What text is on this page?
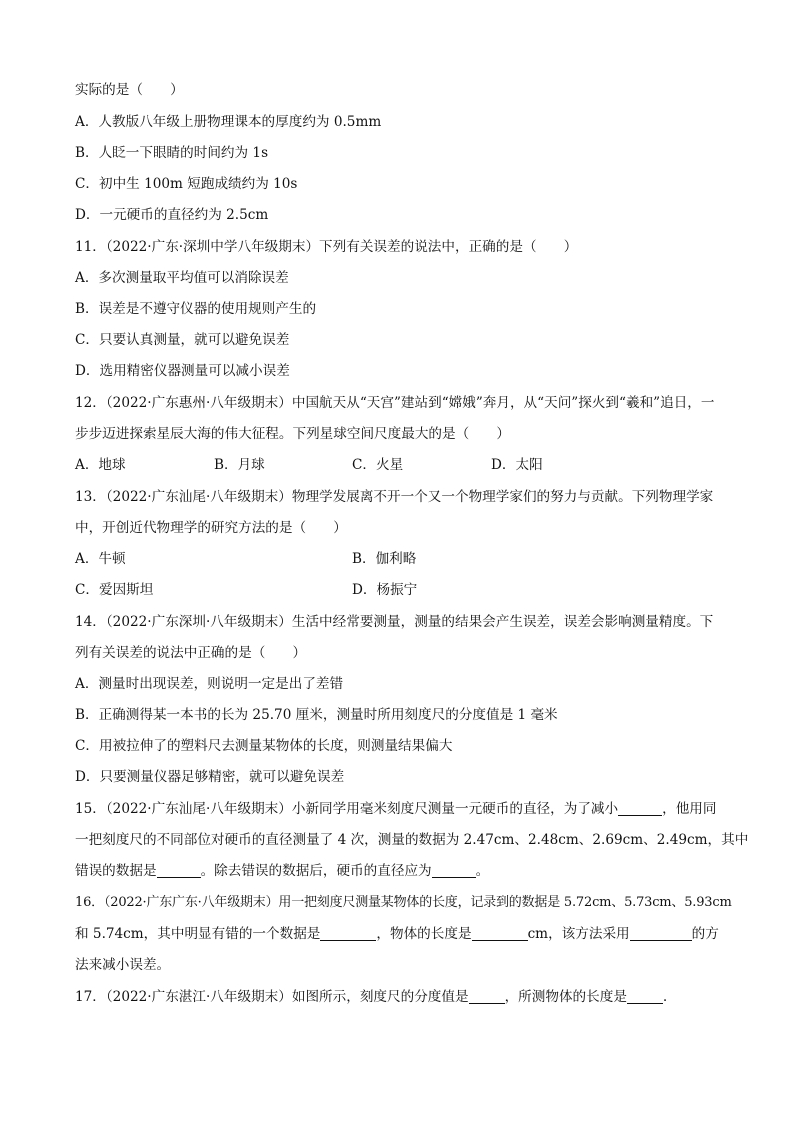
实际的是（　　）
A．人教版八年级上册物理课本的厚度约为 0.5mm
B．人眨一下眼睛的时间约为 1s
C．初中生 100m 短跑成绩约为 10s
D．一元硬币的直径约为 2.5cm
11．（2022·广东·深圳中学八年级期末）下列有关误差的说法中，正确的是（　　）
A．多次测量取平均值可以消除误差
B．误差是不遵守仪器的使用规则产生的
C．只要认真测量，就可以避免误差
D．选用精密仪器测量可以减小误差
12．（2022·广东惠州·八年级期末）中国航天从“天宫”建站到“嫦娥”奔月，从“天问”探火到“羲和”追日，一
步步迈进探索星辰大海的伟大征程。下列星球空间尺度最大的是（　　）
A．地球	B．月球	C．火星	D．太阳
13．（2022·广东汕尾·八年级期末）物理学发展离不开一个又一个物理学家们的努力与贡献。下列物理学家
中，开创近代物理学的研究方法的是（　　）
A．牛顿	B．伽利略
C．爱因斯坦	D．杨振宁
14．（2022·广东深圳·八年级期末）生活中经常要测量，测量的结果会产生误差，误差会影响测量精度。下
列有关误差的说法中正确的是（　　）
A．测量时出现误差，则说明一定是出了差错
B．正确测得某一本书的长为 25.70 厘米，测量时所用刻度尺的分度值是 1 毫米
C．用被拉伸了的塑料尺去测量某物体的长度，则测量结果偏大
D．只要测量仪器足够精密，就可以避免误差
15．（2022·广东汕尾·八年级期末）小新同学用毫米刻度尺测量一元硬币的直径，为了减小	，他用同
一把刻度尺的不同部位对硬币的直径测量了 4 次，测量的数据为 2.47cm、2.48cm、2.69cm、2.49cm，其中
错误的数据是	。除去错误的数据后，硬币的直径应为	。
16．（2022·广东广东·八年级期末）用一把刻度尺测量某物体的长度，记录到的数据是 5.72cm、5.73cm、5.93cm
和 5.74cm，其中明显有错的一个数据是	，物体的长度是	cm，该方法采用	的方
法来减小误差。
17．（2022·广东湛江·八年级期末）如图所示，刻度尺的分度值是	，所测物体的长度是	.
